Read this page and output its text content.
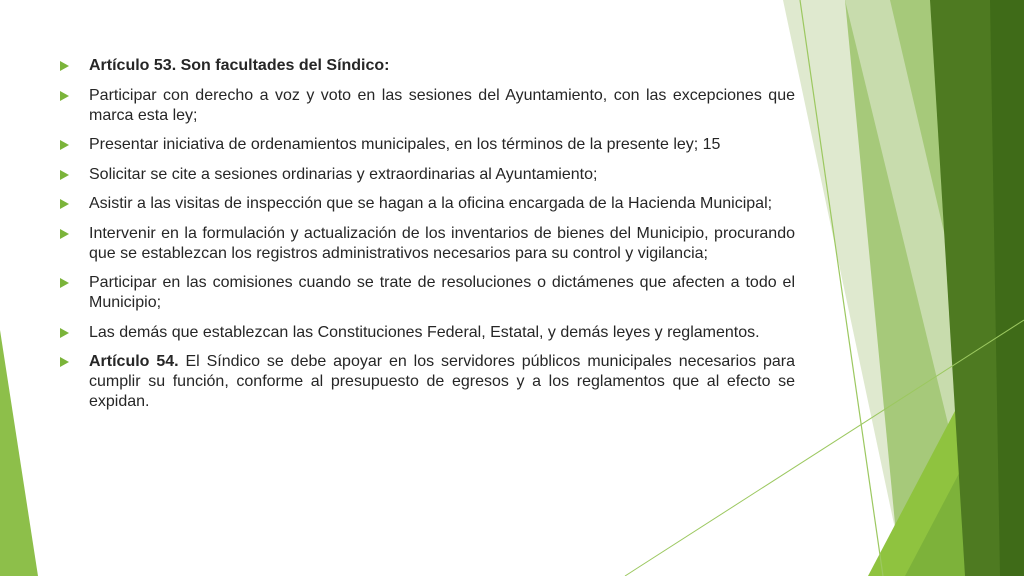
Artículo 53. Son facultades del Síndico:
Participar con derecho a voz y voto en las sesiones del Ayuntamiento, con las excepciones que marca esta ley;
Presentar iniciativa de ordenamientos municipales, en los términos de la presente ley; 15
Solicitar se cite a sesiones ordinarias y extraordinarias al Ayuntamiento;
Asistir a las visitas de inspección que se hagan a la oficina encargada de la Hacienda Municipal;
Intervenir en la formulación y actualización de los inventarios de bienes del Municipio, procurando que se establezcan los registros administrativos necesarios para su control y vigilancia;
Participar en las comisiones cuando se trate de resoluciones o dictámenes que afecten a todo el Municipio;
Las demás que establezcan las Constituciones Federal, Estatal, y demás leyes y reglamentos.
Artículo 54. El Síndico se debe apoyar en los servidores públicos municipales necesarios para cumplir su función, conforme al presupuesto de egresos y a los reglamentos que al efecto se expidan.
